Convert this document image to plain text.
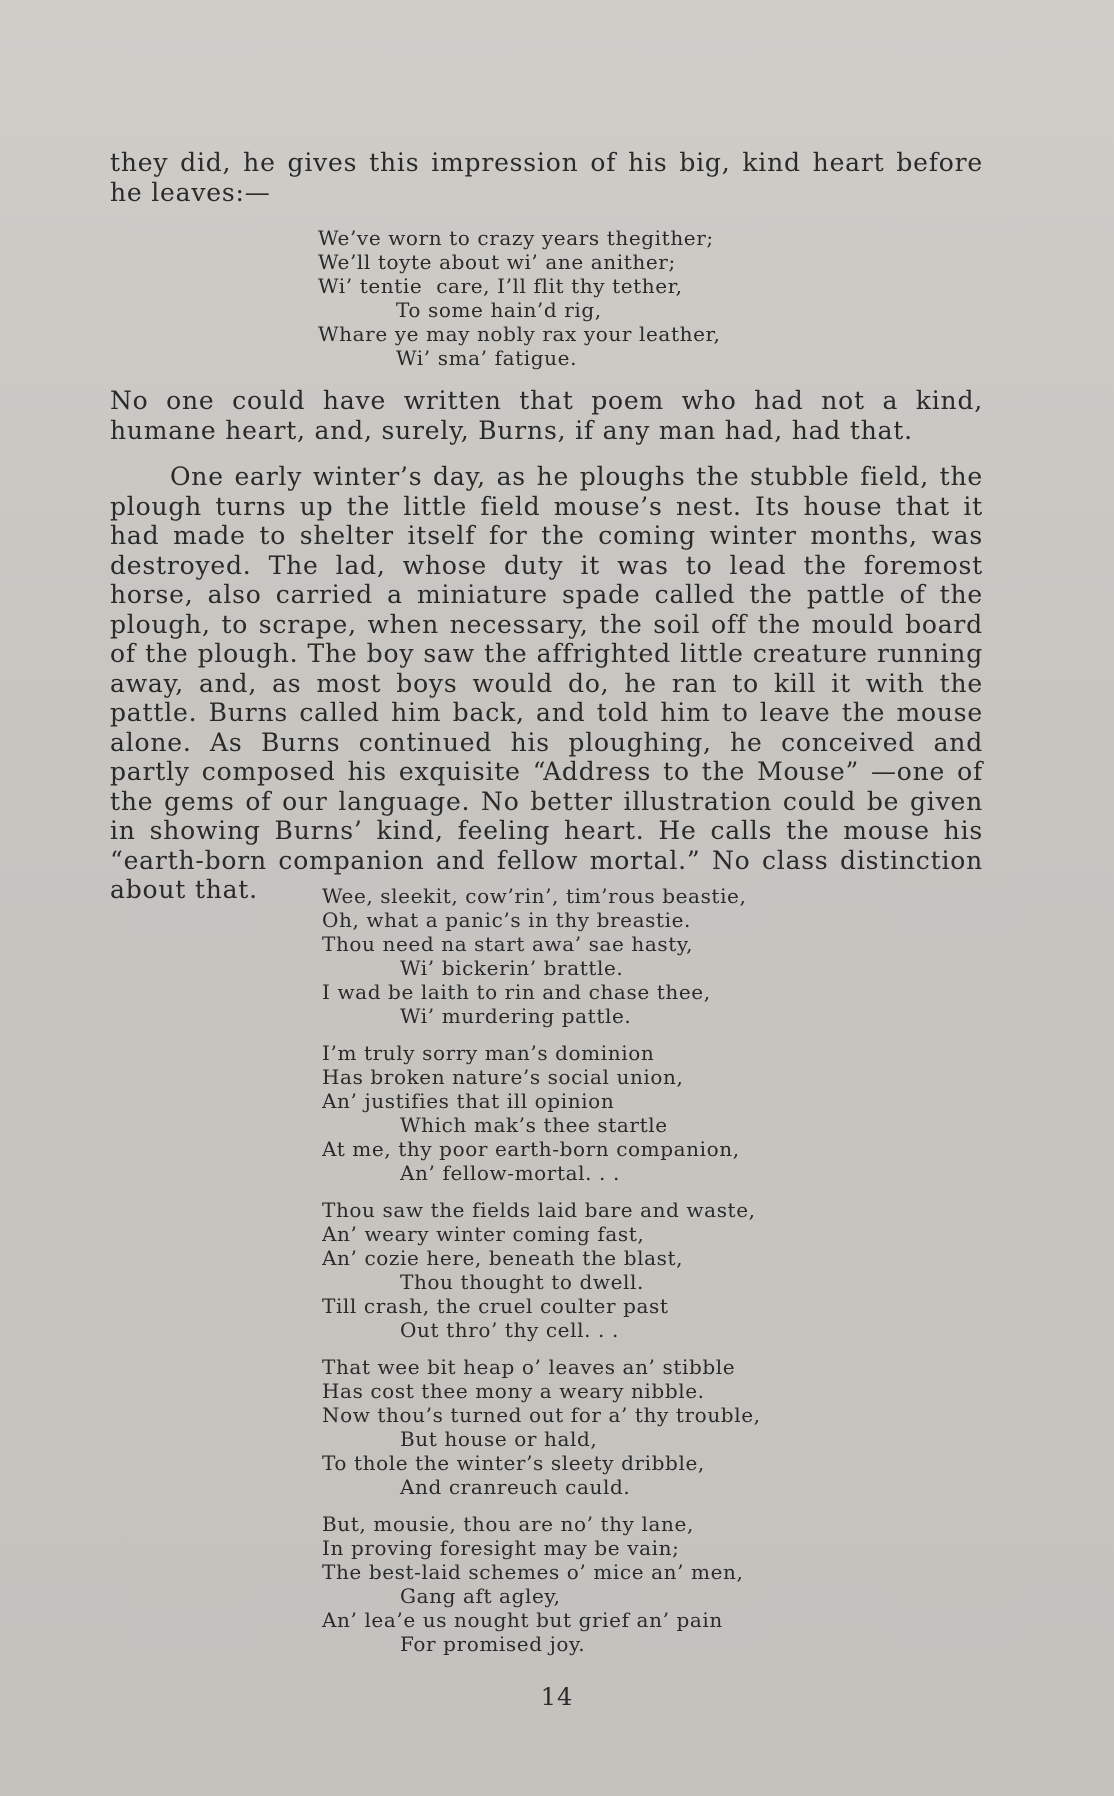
they did, he gives this impression of his big, kind heart before he leaves:—

We’ve worn to crazy years thegither;
We’ll toyte about wi’ ane anither;
Wi’ tentie  care, I’ll flit thy tether,
To some hain’d rig,
Whare ye may nobly rax your leather,
Wi’ sma’ fatigue.

No one could have written that poem who had not a kind, humane heart, and, surely, Burns, if any man had, had that.

One early winter’s day, as he ploughs the stubble field, the plough turns up the little field mouse’s nest. Its house that it had made to shelter itself for the coming winter months, was destroyed. The lad, whose duty it was to lead the foremost horse, also carried a miniature spade called the pattle of the plough, to scrape, when necessary, the soil off the mould board of the plough. The boy saw the affrighted little creature running away, and, as most boys would do, he ran to kill it with the pattle. Burns called him back, and told him to leave the mouse alone. As Burns continued his ploughing, he conceived and partly composed his exquisite “Address to the Mouse” —one of the gems of our language. No better illustration could be given in showing Burns’ kind, feeling heart. He calls the mouse his “earth-born companion and fellow mortal.” No class distinction about that.	Wee, sleekit, cow’rin’, tim’rous beastie,
Oh, what a panic’s in thy breastie.
Thou need na start awa’ sae hasty,
Wi’ bickerin’ brattle.
I wad be laith to rin and chase thee,
Wi’ murdering pattle.
I’m truly sorry man’s dominion
Has broken nature’s social union,
An’ justifies that ill opinion
Which mak’s thee startle
At me, thy poor earth-born companion,
An’ fellow-mortal. . .
Thou saw the fields laid bare and waste,
An’ weary winter coming fast,
An’ cozie here, beneath the blast,
Thou thought to dwell.
Till crash, the cruel coulter past
Out thro’ thy cell. . .
That wee bit heap o’ leaves an’ stibble
Has cost thee mony a weary nibble.
Now thou’s turned out for a’ thy trouble,
But house or hald,
To thole the winter’s sleety dribble,
And cranreuch cauld.
But, mousie, thou are no’ thy lane,
In proving foresight may be vain;
The best-laid schemes o’ mice an’ men,
Gang aft agley,
An’ lea’e us nought but grief an’ pain
For promised joy.
14
